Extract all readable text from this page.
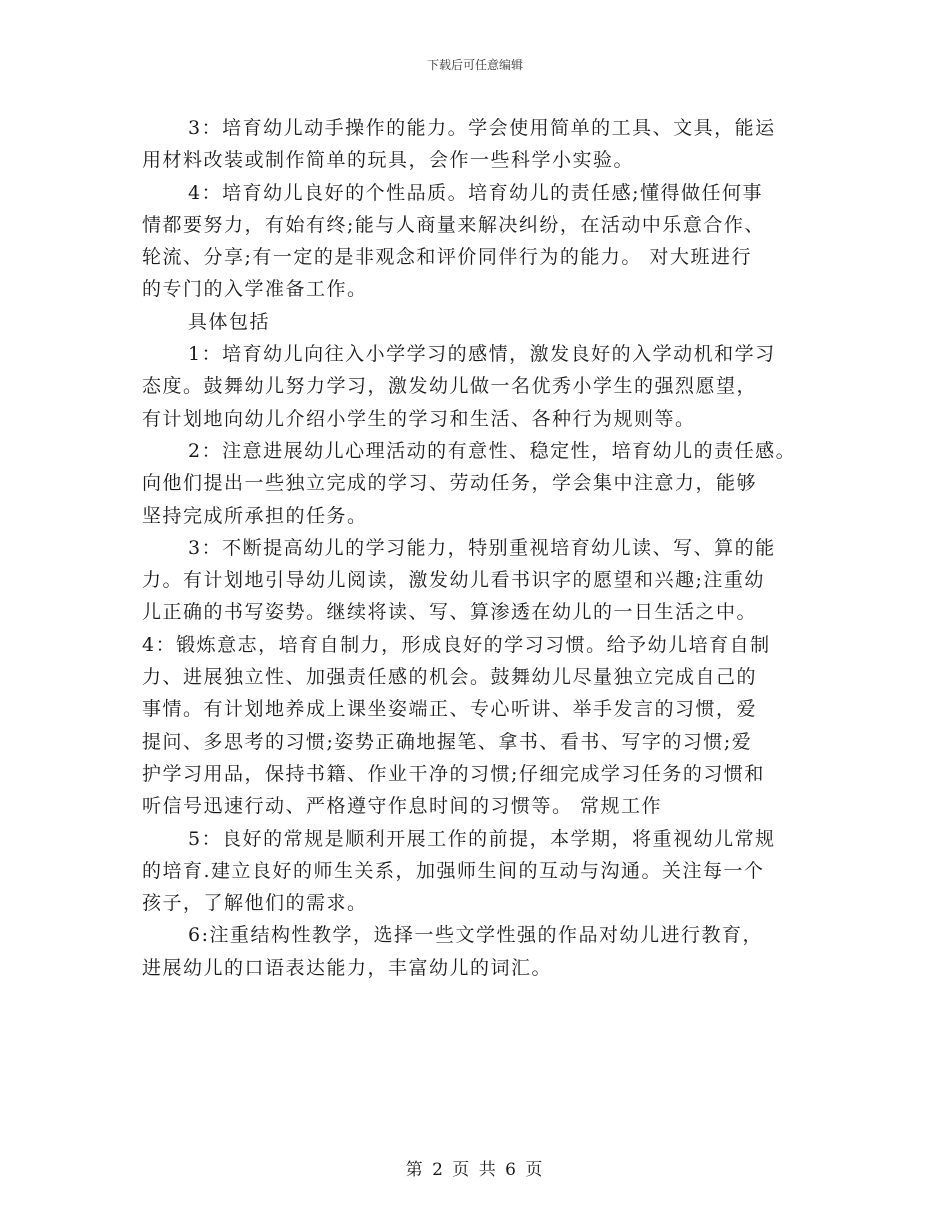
下载后可任意编辑
3：培育幼儿动手操作的能力。学会使用简单的工具、文具，能运
用材料改装或制作简单的玩具，会作一些科学小实验。
4：培育幼儿良好的个性品质。培育幼儿的责任感;懂得做任何事
情都要努力，有始有终;能与人商量来解决纠纷，在活动中乐意合作、
轮流、分享;有一定的是非观念和评价同伴行为的能力。 对大班进行
的专门的入学准备工作。
具体包括
1：培育幼儿向往入小学学习的感情，激发良好的入学动机和学习
态度。鼓舞幼儿努力学习，激发幼儿做一名优秀小学生的强烈愿望，
有计划地向幼儿介绍小学生的学习和生活、各种行为规则等。
2：注意进展幼儿心理活动的有意性、稳定性，培育幼儿的责任感。
向他们提出一些独立完成的学习、劳动任务，学会集中注意力，能够
坚持完成所承担的任务。
3：不断提高幼儿的学习能力，特别重视培育幼儿读、写、算的能
力。有计划地引导幼儿阅读，激发幼儿看书识字的愿望和兴趣;注重幼
儿正确的书写姿势。继续将读、写、算渗透在幼儿的一日生活之中。
4：锻炼意志，培育自制力，形成良好的学习习惯。给予幼儿培育自制
力、进展独立性、加强责任感的机会。鼓舞幼儿尽量独立完成自己的
事情。有计划地养成上课坐姿端正、专心听讲、举手发言的习惯，爱
提问、多思考的习惯;姿势正确地握笔、拿书、看书、写字的习惯;爱
护学习用品，保持书籍、作业干净的习惯;仔细完成学习任务的习惯和
听信号迅速行动、严格遵守作息时间的习惯等。 常规工作
5：良好的常规是顺利开展工作的前提，本学期，将重视幼儿常规
的培育.建立良好的师生关系，加强师生间的互动与沟通。关注每一个
孩子，了解他们的需求。
6:注重结构性教学，选择一些文学性强的作品对幼儿进行教育，
进展幼儿的口语表达能力，丰富幼儿的词汇。
第 2 页 共 6 页
